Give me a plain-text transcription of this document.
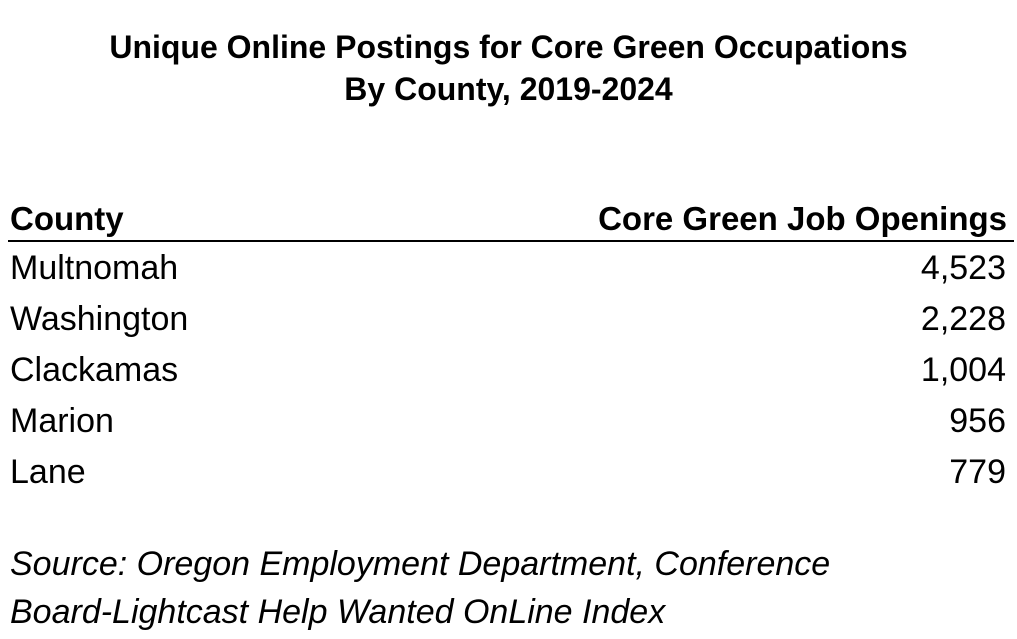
Unique Online Postings for Core Green Occupations
By County, 2019-2024
County	Core Green Job Openings
Multnomah	4,523
Washington	2,228
Clackamas	1,004
Marion	956
Lane	779
Source: Oregon Employment Department, Conference
Board-Lightcast Help Wanted OnLine Index
